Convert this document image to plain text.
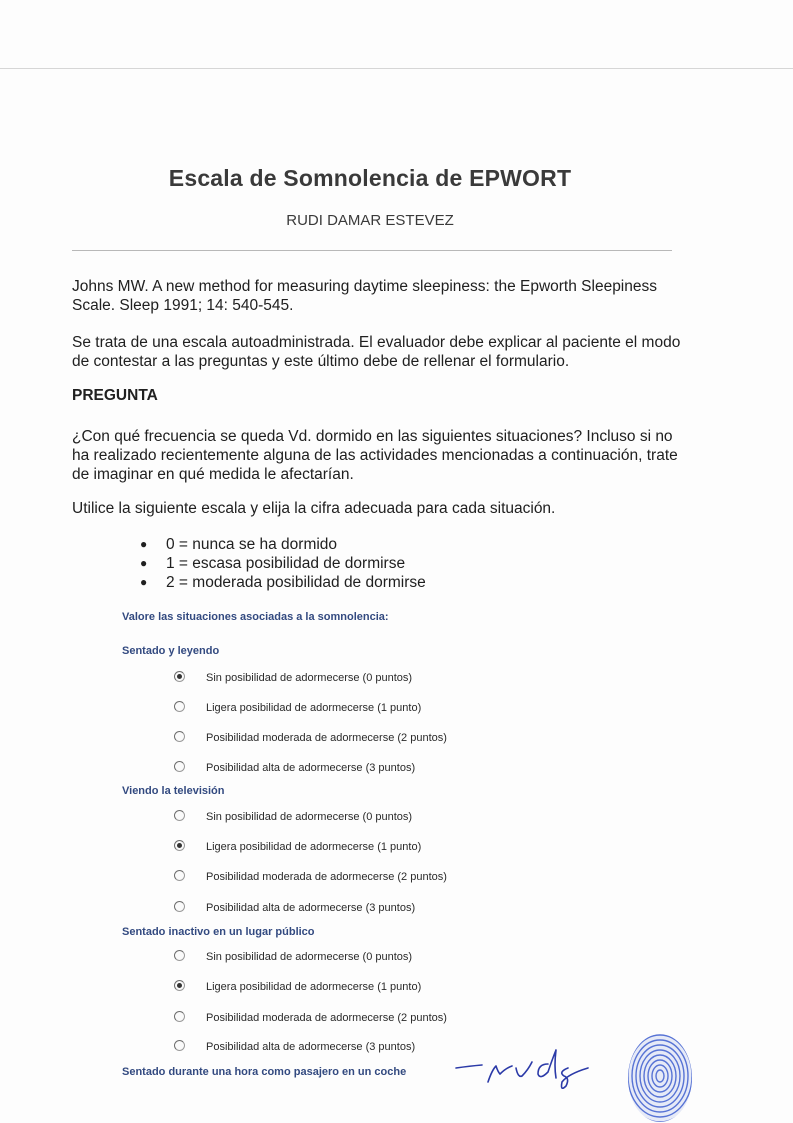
Escala de Somnolencia de EPWORT
RUDI DAMAR ESTEVEZ
Johns MW. A new method for measuring daytime sleepiness: the Epworth Sleepiness Scale. Sleep 1991; 14: 540-545.
Se trata de una escala autoadministrada. El evaluador debe explicar al paciente el modo de contestar a las preguntas y este último debe de rellenar el formulario.
PREGUNTA
¿Con qué frecuencia se queda Vd. dormido en las siguientes situaciones? Incluso si no ha realizado recientemente alguna de las actividades mencionadas a continuación, trate de imaginar en qué medida le afectarían.
Utilice la siguiente escala y elija la cifra adecuada para cada situación.
● 0 = nunca se ha dormido
● 1 = escasa posibilidad de dormirse
● 2 = moderada posibilidad de dormirse
Valore las situaciones asociadas a la somnolencia:
Sentado y leyendo
Sin posibilidad de adormecerse (0 puntos)
Ligera posibilidad de adormecerse (1 punto)
Posibilidad moderada de adormecerse (2 puntos)
Posibilidad alta de adormecerse (3 puntos)
Viendo la televisión
Sin posibilidad de adormecerse (0 puntos)
Ligera posibilidad de adormecerse (1 punto)
Posibilidad moderada de adormecerse (2 puntos)
Posibilidad alta de adormecerse (3 puntos)
Sentado inactivo en un lugar público
Sin posibilidad de adormecerse (0 puntos)
Ligera posibilidad de adormecerse (1 punto)
Posibilidad moderada de adormecerse (2 puntos)
Posibilidad alta de adormecerse (3 puntos)
Sentado durante una hora como pasajero en un coche
